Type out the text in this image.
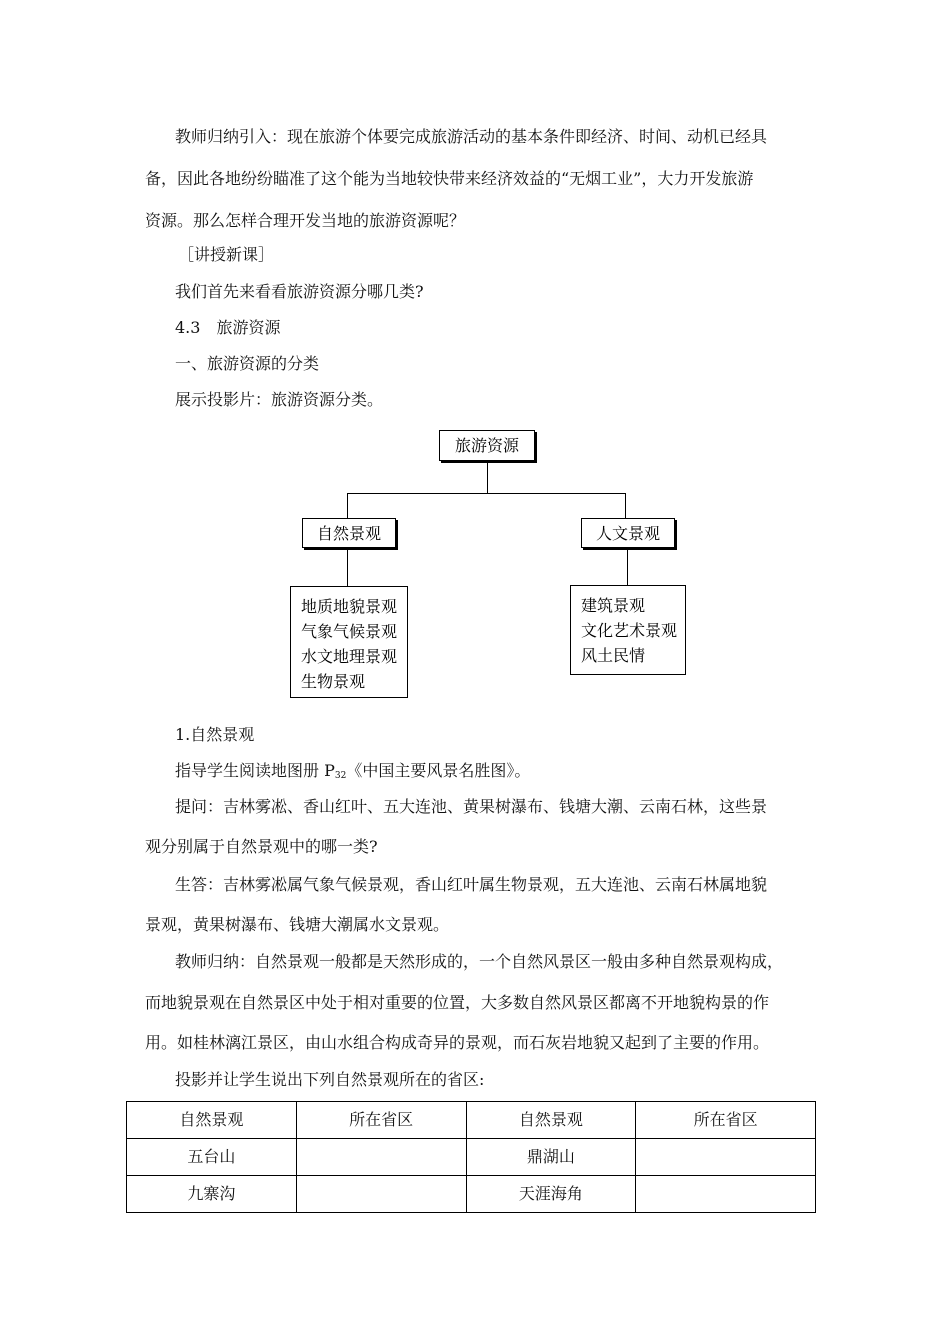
教师归纳引入：现在旅游个体要完成旅游活动的基本条件即经济、时间、动机已经具
备，因此各地纷纷瞄准了这个能为当地较快带来经济效益的“无烟工业”，大力开发旅游
资源。那么怎样合理开发当地的旅游资源呢？
［讲授新课］
我们首先来看看旅游资源分哪几类?
4.3　旅游资源
一、旅游资源的分类
展示投影片：旅游资源分类。
旅游资源
自然景观	人文景观
地质地貌景观
气象气候景观
水文地理景观
生物景观
建筑景观
文化艺术景观
风土民情
1.自然景观
指导学生阅读地图册 $P_{32}$《中国主要风景名胜图》。
提问：吉林雾凇、香山红叶、五大连池、黄果树瀑布、钱塘大潮、云南石林，这些景
观分别属于自然景观中的哪一类?
生答：吉林雾凇属气象气候景观，香山红叶属生物景观，五大连池、云南石林属地貌
景观，黄果树瀑布、钱塘大潮属水文景观。
教师归纳：自然景观一般都是天然形成的，一个自然风景区一般由多种自然景观构成，
而地貌景观在自然景区中处于相对重要的位置，大多数自然风景区都离不开地貌构景的作
用。如桂林漓江景区，由山水组合构成奇异的景观，而石灰岩地貌又起到了主要的作用。
投影并让学生说出下列自然景观所在的省区:
自然景观	所在省区	自然景观	所在省区
五台山		鼎湖山	
九寨沟		天涯海角	
